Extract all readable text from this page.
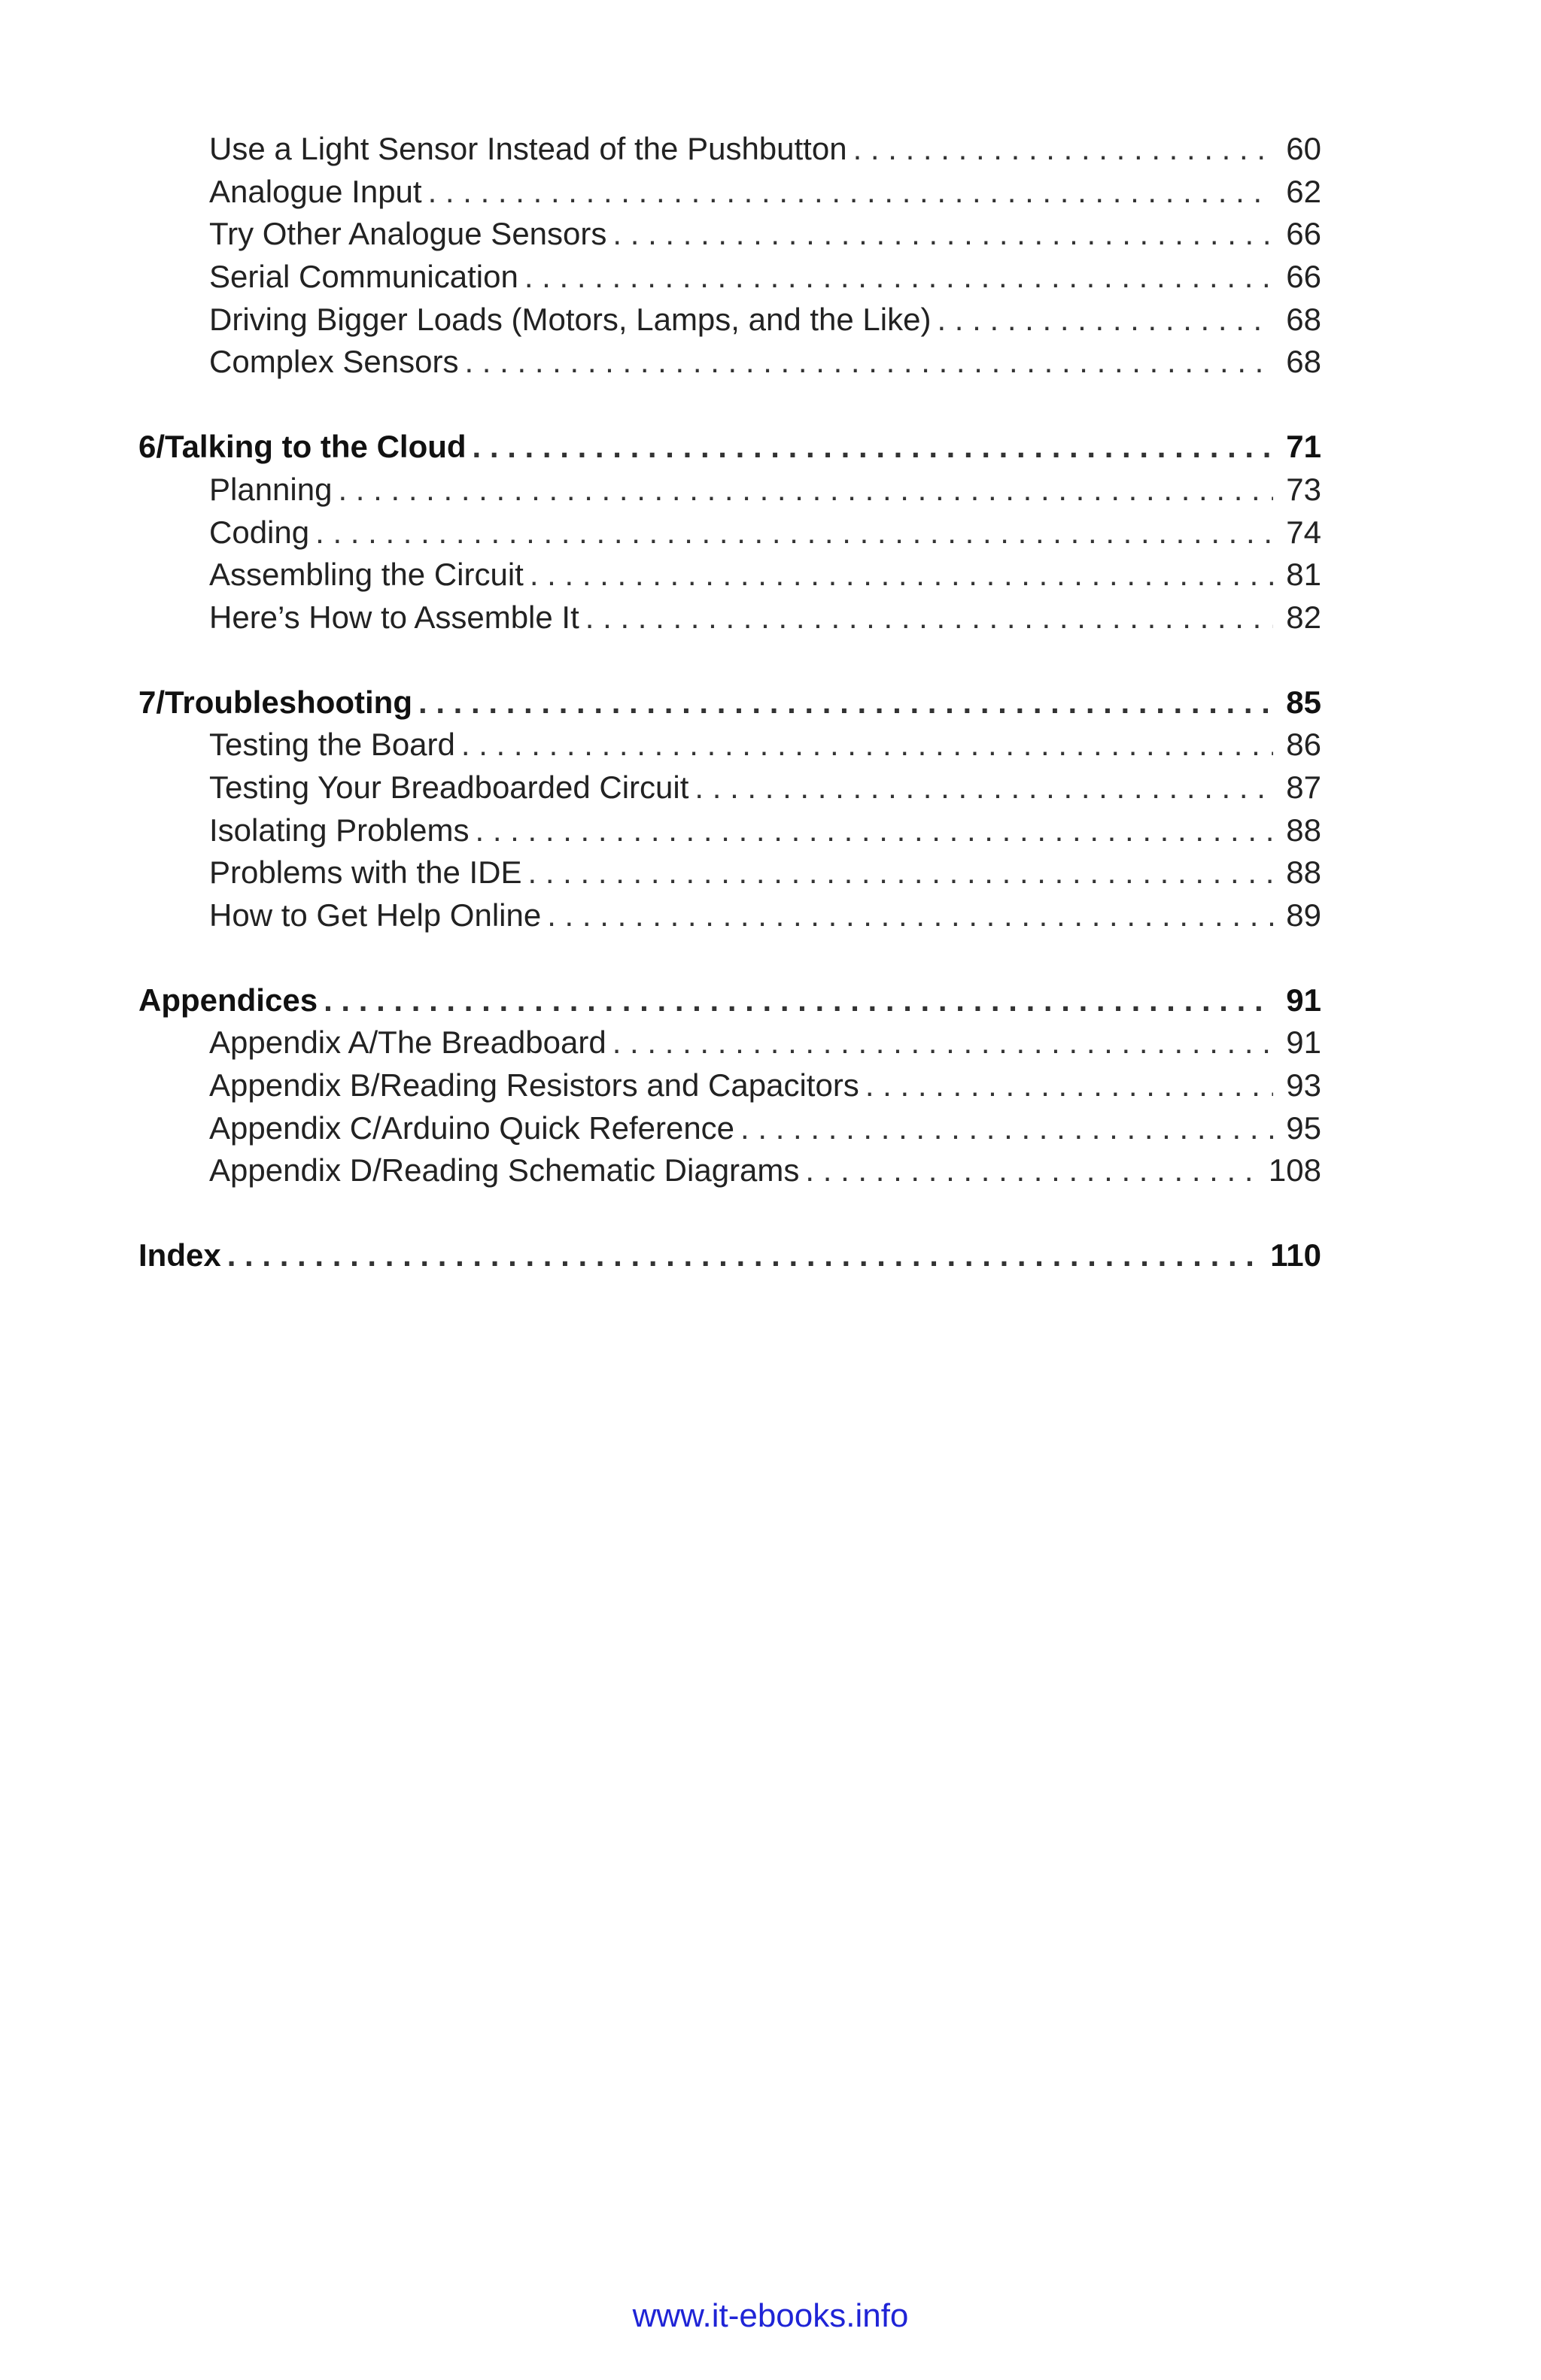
Use a Light Sensor Instead of the Pushbutton . . .	60
Analogue Input . . .	62
Try Other Analogue Sensors . . .	66
Serial Communication . . .	66
Driving Bigger Loads (Motors, Lamps, and the Like) . . .	68
Complex Sensors . . .	68
6/Talking to the Cloud . . .	71
Planning . . .	73
Coding . . .	74
Assembling the Circuit . . .	81
Here’s How to Assemble It . . .	82
7/Troubleshooting . . .	85
Testing the Board . . .	86
Testing Your Breadboarded Circuit . . .	87
Isolating Problems . . .	88
Problems with the IDE . . .	88
How to Get Help Online . . .	89
Appendices . . .	91
Appendix A/The Breadboard . . .	91
Appendix B/Reading Resistors and Capacitors . . .	93
Appendix C/Arduino Quick Reference . . .	95
Appendix D/Reading Schematic Diagrams . . .	108
Index . . .	110
www.it-ebooks.info
